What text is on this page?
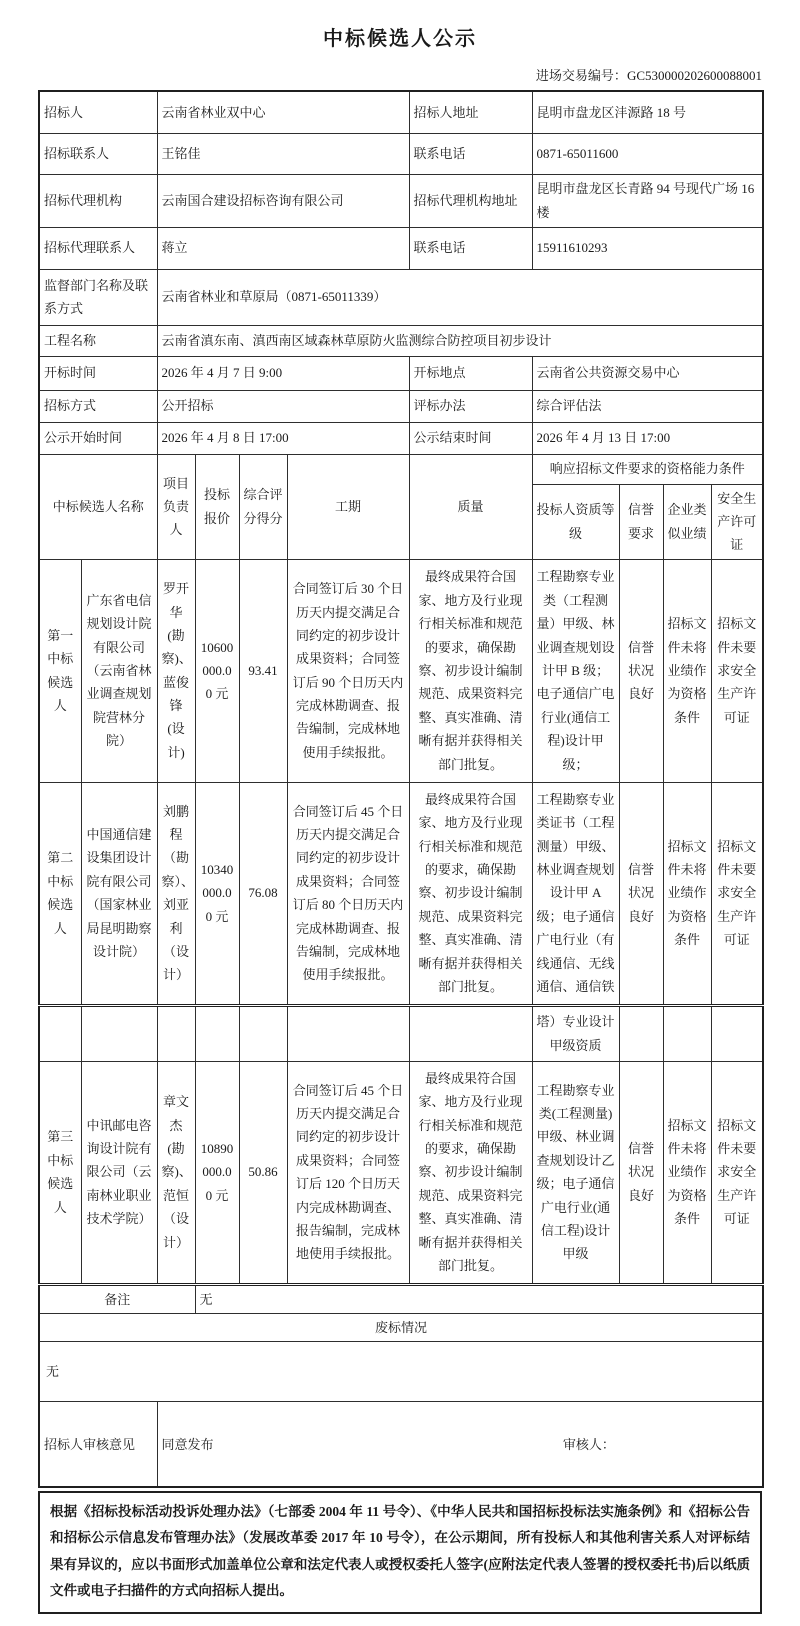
中标候选人公示
进场交易编号：GC530000202600088001
招标人		云南省林业双中心				招标人地址	昆明市盘龙区沣源路 18 号			
招标联系人		王铭佳				联系电话	0871-65011600			
招标代理机构		云南国合建设招标咨询有限公司				招标代理机构地址	昆明市盘龙区长青路 94 号现代广场 16 楼			
招标代理联系人		蒋立				联系电话	15911610293			
监督部门名称及联系方式		云南省林业和草原局（0871-65011339）								
工程名称		云南省滇东南、滇西南区域森林草原防火监测综合防控项目初步设计								
开标时间		2026 年 4 月 7 日 9:00				开标地点	云南省公共资源交易中心			
招标方式		公开招标				评标办法	综合评估法			
公示开始时间		2026 年 4 月 8 日 17:00				公示结束时间	2026 年 4 月 13 日 17:00			
中标候选人名称		项目负责人	投标报价	综合评分得分	工期	质量	响应招标文件要求的资格能力条件			
							投标人资质等级	信誉要求	企业类似业绩	安全生产许可证
第一中标候选人	广东省电信规划设计院有限公司（云南省林业调查规划院营林分院）	罗开华(勘察)、蓝俊锋(设计)	10600000.00 元	93.41	合同签订后 30 个日历天内提交满足合同约定的初步设计成果资料；合同签订后 90 个日历天内完成林勘调查、报告编制，完成林地使用手续报批。	最终成果符合国家、地方及行业现行相关标准和规范的要求，确保勘察、初步设计编制规范、成果资料完整、真实准确、清晰有据并获得相关部门批复。	工程勘察专业类（工程测量）甲级、林业调查规划设计甲 B 级；电子通信广电行业(通信工程)设计甲级；	信誉状况良好	招标文件未将业绩作为资格条件	招标文件未要求安全生产许可证
第二中标候选人	中国通信建设集团设计院有限公司（国家林业局昆明勘察设计院）	刘鹏程（勘察）、刘亚利（设计）	10340000.00 元	76.08	合同签订后 45 个日历天内提交满足合同约定的初步设计成果资料；合同签订后 80 个日历天内完成林勘调查、报告编制，完成林地使用手续报批。	最终成果符合国家、地方及行业现行相关标准和规范的要求，确保勘察、初步设计编制规范、成果资料完整、真实准确、清晰有据并获得相关部门批复。	工程勘察专业类证书（工程测量）甲级、林业调查规划设计甲 A 级；电子通信广电行业（有线通信、无线通信、通信铁	信誉状况良好	招标文件未将业绩作为资格条件	招标文件未要求安全生产许可证
							塔）专业设计甲级资质			
第三中标候选人	中讯邮电咨询设计院有限公司（云南林业职业技术学院）	章文杰(勘察)、范恒（设计）	10890000.00 元	50.86	合同签订后 45 个日历天内提交满足合同约定的初步设计成果资料；合同签订后 120 个日历天内完成林勘调查、报告编制，完成林地使用手续报批。	最终成果符合国家、地方及行业现行相关标准和规范的要求，确保勘察、初步设计编制规范、成果资料完整、真实准确、清晰有据并获得相关部门批复。	工程勘察专业类(工程测量)甲级、林业调查规划设计乙级；电子通信广电行业(通信工程)设计甲级	信誉状况良好	招标文件未将业绩作为资格条件	招标文件未要求安全生产许可证
备注			无							
废标情况										
无										
招标人审核意见		同意发布 审核人：								

根据《招标投标活动投诉处理办法》（七部委 2004 年 11 号令）、《中华人民共和国招标投标法实施条例》和《招标公告和招标公示信息发布管理办法》（发展改革委 2017 年 10 号令），在公示期间，所有投标人和其他利害关系人对评标结果有异议的，应以书面形式加盖单位公章和法定代表人或授权委托人签字(应附法定代表人签署的授权委托书)后以纸质文件或电子扫描件的方式向招标人提出。
